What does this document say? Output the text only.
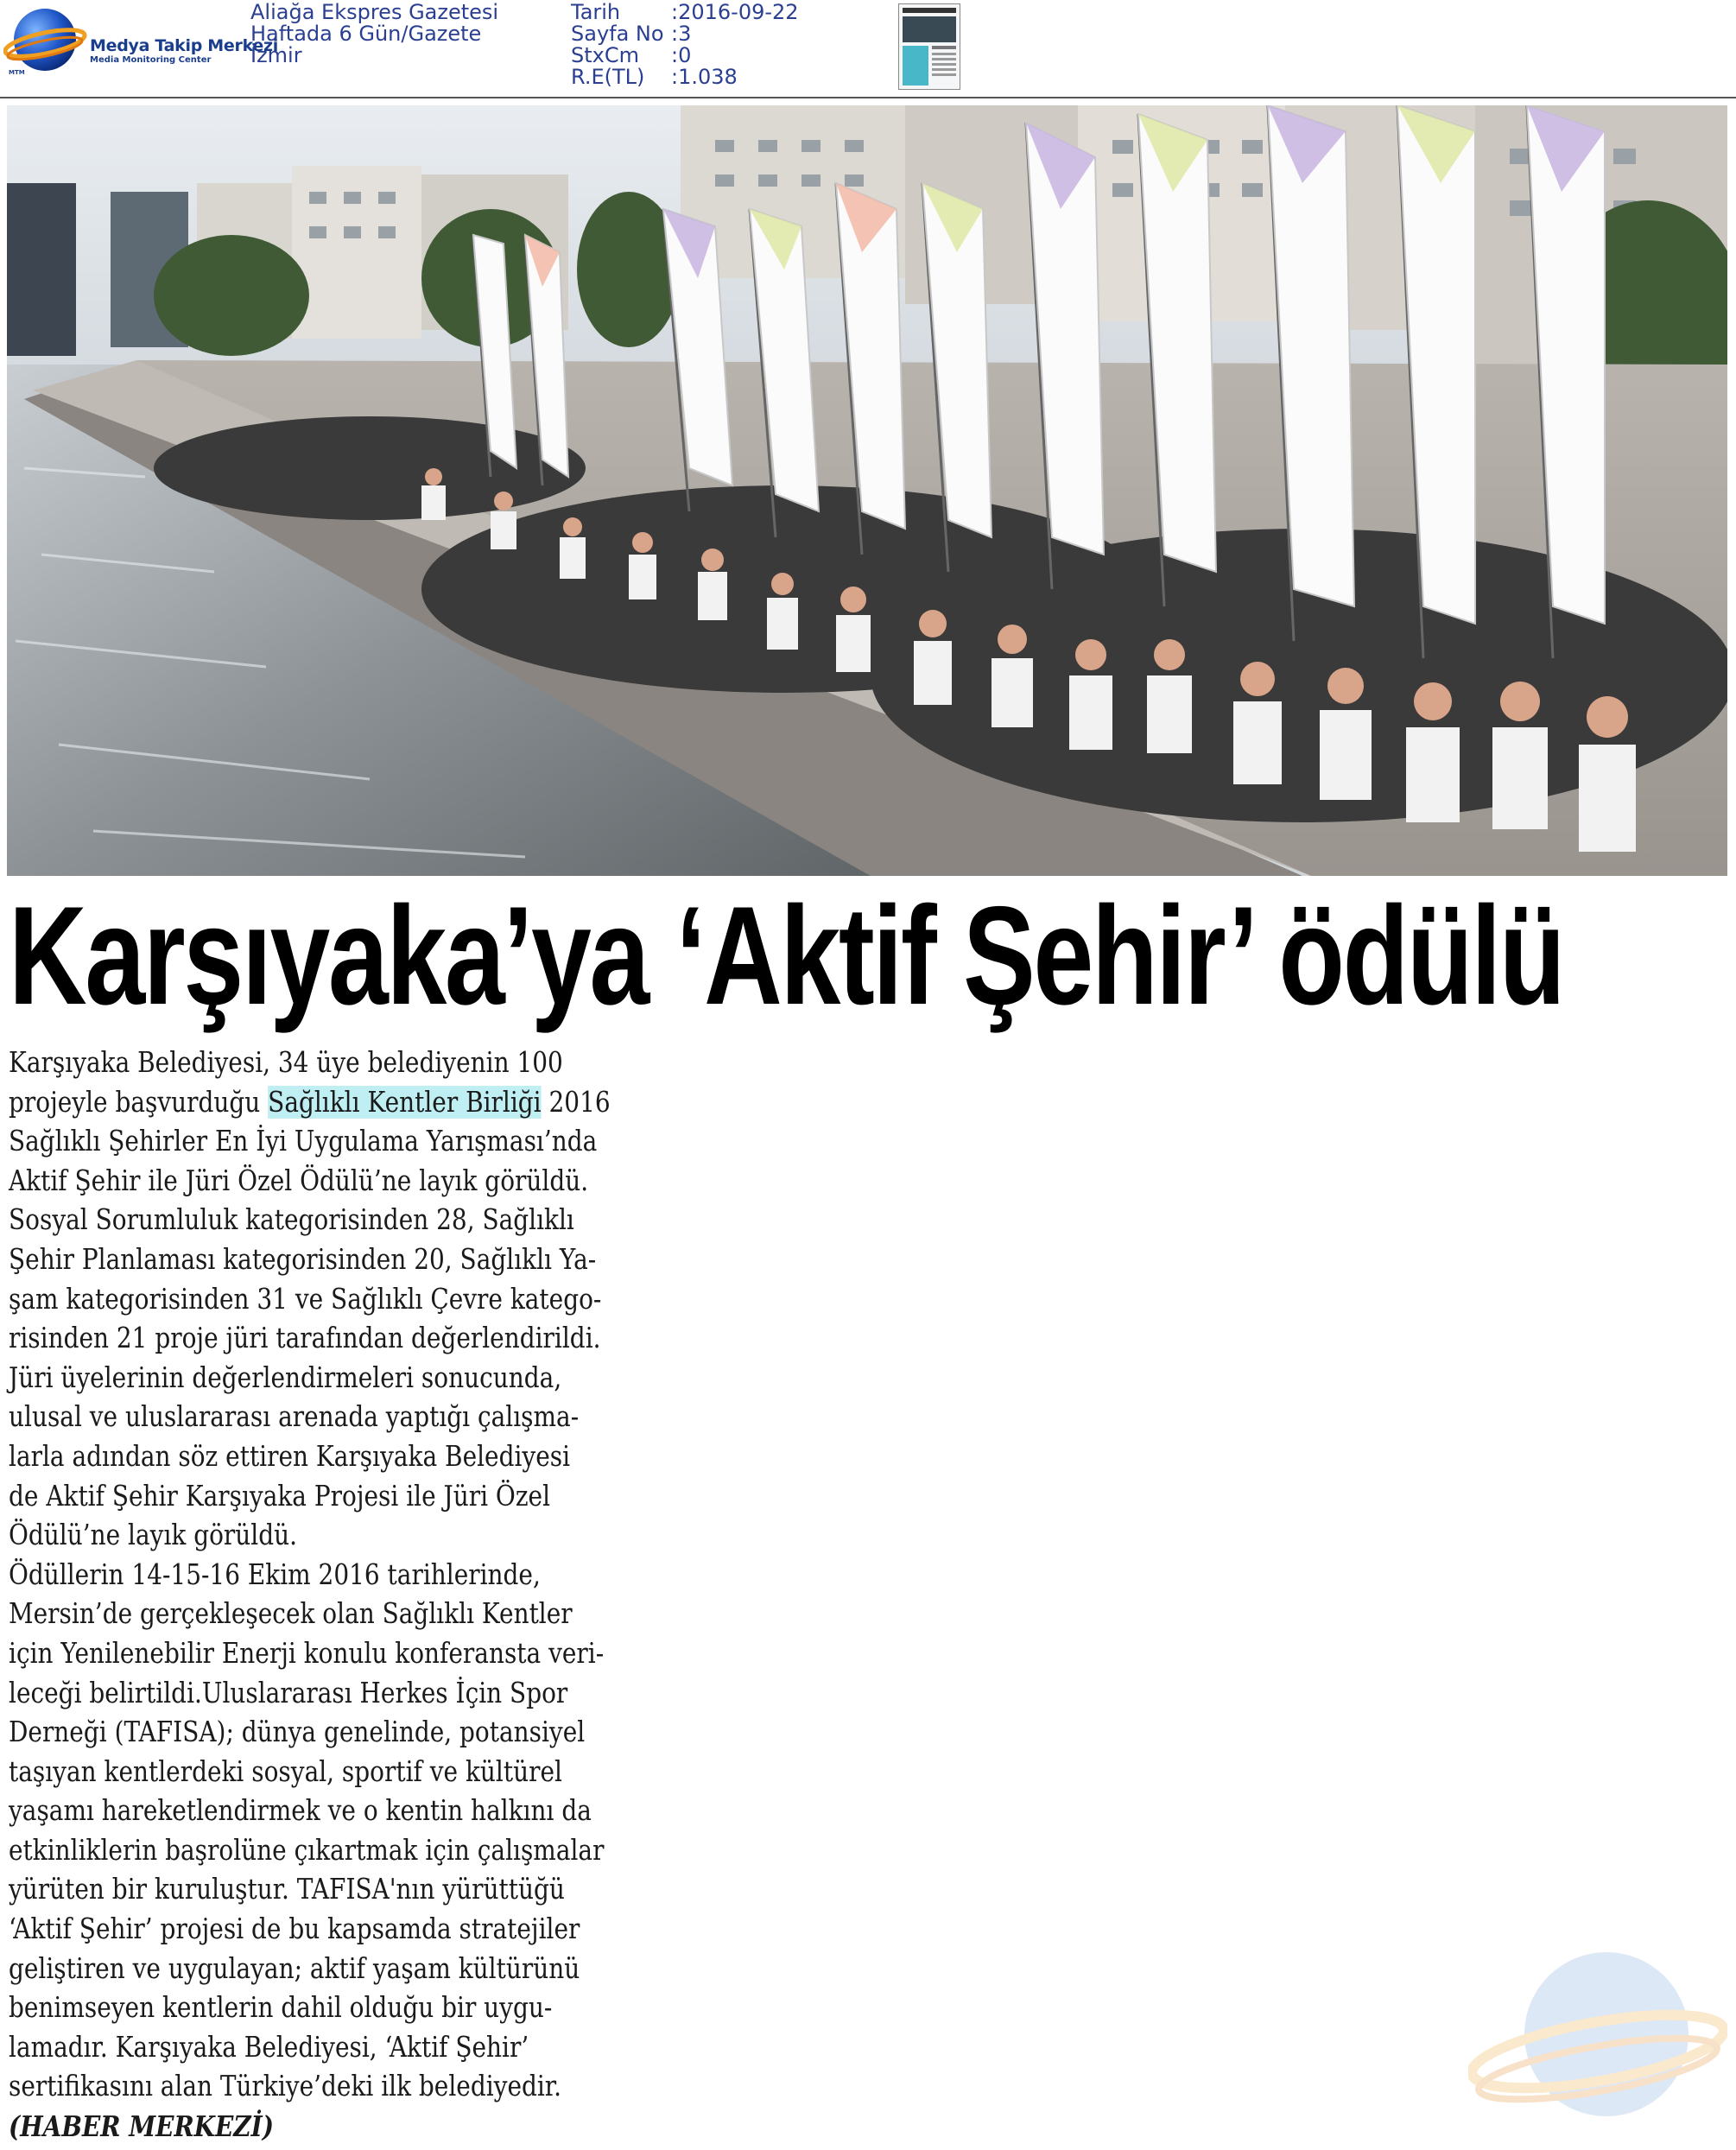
Medya Takip Merkezi
Media Monitoring Center
MTM
Aliağa Ekspres Gazetesi
Haftada 6 Gün/Gazete
İzmir
Tarih :2016-09-22
Sayfa No :3
StxCm :0
R.E(TL) :1.038
Karşıyaka’ya ‘Aktif Şehir’ ödülü
Karşıyaka Belediyesi, 34 üye belediyenin 100
projeyle başvurduğu Sağlıklı Kentler Birliği 2016
Sağlıklı Şehirler En İyi Uygulama Yarışması’nda
Aktif Şehir ile Jüri Özel Ödülü’ne layık görüldü.
Sosyal Sorumluluk kategorisinden 28, Sağlıklı
Şehir Planlaması kategorisinden 20, Sağlıklı Ya-
şam kategorisinden 31 ve Sağlıklı Çevre katego-
risinden 21 proje jüri tarafından değerlendirildi.
Jüri üyelerinin değerlendirmeleri sonucunda,
ulusal ve uluslararası arenada yaptığı çalışma-
larla adından söz ettiren Karşıyaka Belediyesi
de Aktif Şehir Karşıyaka Projesi ile Jüri Özel
Ödülü’ne layık görüldü.
Ödüllerin 14-15-16 Ekim 2016 tarihlerinde,
Mersin’de gerçekleşecek olan Sağlıklı Kentler
için Yenilenebilir Enerji konulu konferansta veri-
leceği belirtildi.Uluslararası Herkes İçin Spor
Derneği (TAFISA); dünya genelinde, potansiyel
taşıyan kentlerdeki sosyal, sportif ve kültürel
yaşamı hareketlendirmek ve o kentin halkını da
etkinliklerin başrolüne çıkartmak için çalışmalar
yürüten bir kuruluştur. TAFISA'nın yürüttüğü
‘Aktif Şehir’ projesi de bu kapsamda stratejiler
geliştiren ve uygulayan; aktif yaşam kültürünü
benimseyen kentlerin dahil olduğu bir uygu-
lamadır. Karşıyaka Belediyesi, ‘Aktif Şehir’
sertifikasını alan Türkiye’deki ilk belediyedir.
(HABER MERKEZİ)
